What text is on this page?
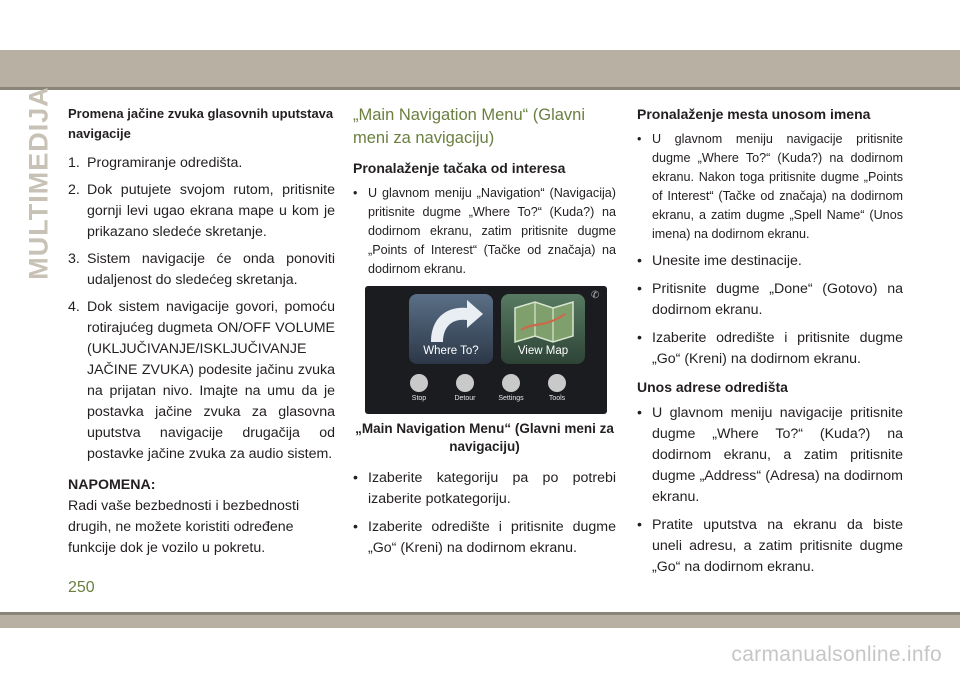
MULTIMEDIJA Promena jačine zvuka glasovnih uputstava navigacije
1. Programiranje odredišta.
2. Dok putujete svojom rutom, pritisnite gornji levi ugao ekrana mape u kom je prikazano sledeće skretanje.
3. Sistem navigacije će onda ponoviti udaljenost do sledećeg skretanja.
4. Dok sistem navigacije govori, pomoću rotirajućeg dugmeta ON/OFF VOLUME (UKLJUČIVANJE/ISKLJUČIVANJE JAČINE ZVUKA) podesite jačinu zvuka na prijatan nivo. Imajte na umu da je postavka jačine zvuka za glasovna uputstva navigacije drugačija od postavke jačine zvuka za audio sistem.
NAPOMENA:
Radi vaše bezbednosti i bezbednosti drugih, ne možete koristiti određene funkcije dok je vozilo u pokretu.
„Main Navigation Menu“ (Glavni meni za navigaciju)
Pronalaženje tačaka od interesa
• U glavnom meniju „Navigation“ (Navigacija) pritisnite dugme „Where To?“ (Kuda?) na dodirnom ekranu, zatim pritisnite dugme „Points of Interest“ (Tačke od značaja) na dodirnom ekranu.
Where To?	View Map
Stop	Detour	Settings	Tools
✆
„Main Navigation Menu“ (Glavni meni za navigaciju)
• Izaberite kategoriju pa po potrebi izaberite potkategoriju.
• Izaberite odredište i pritisnite dugme „Go“ (Kreni) na dodirnom ekranu.
Pronalaženje mesta unosom imena
• U glavnom meniju navigacije pritisnite dugme „Where To?“ (Kuda?) na dodirnom ekranu. Nakon toga pritisnite dugme „Points of Interest“ (Tačke od značaja) na dodirnom ekranu, a zatim dugme „Spell Name“ (Unos imena) na dodirnom ekranu.
• Unesite ime destinacije.
• Pritisnite dugme „Done“ (Gotovo) na dodirnom ekranu.
• Izaberite odredište i pritisnite dugme „Go“ (Kreni) na dodirnom ekranu.
Unos adrese odredišta
• U glavnom meniju navigacije pritisnite dugme „Where To?“ (Kuda?) na dodirnom ekranu, a zatim pritisnite dugme „Address“ (Adresa) na dodirnom ekranu.
• Pratite uputstva na ekranu da biste uneli adresu, a zatim pritisnite dugme „Go“ na dodirnom ekranu.
250
carmanualsonline.info
